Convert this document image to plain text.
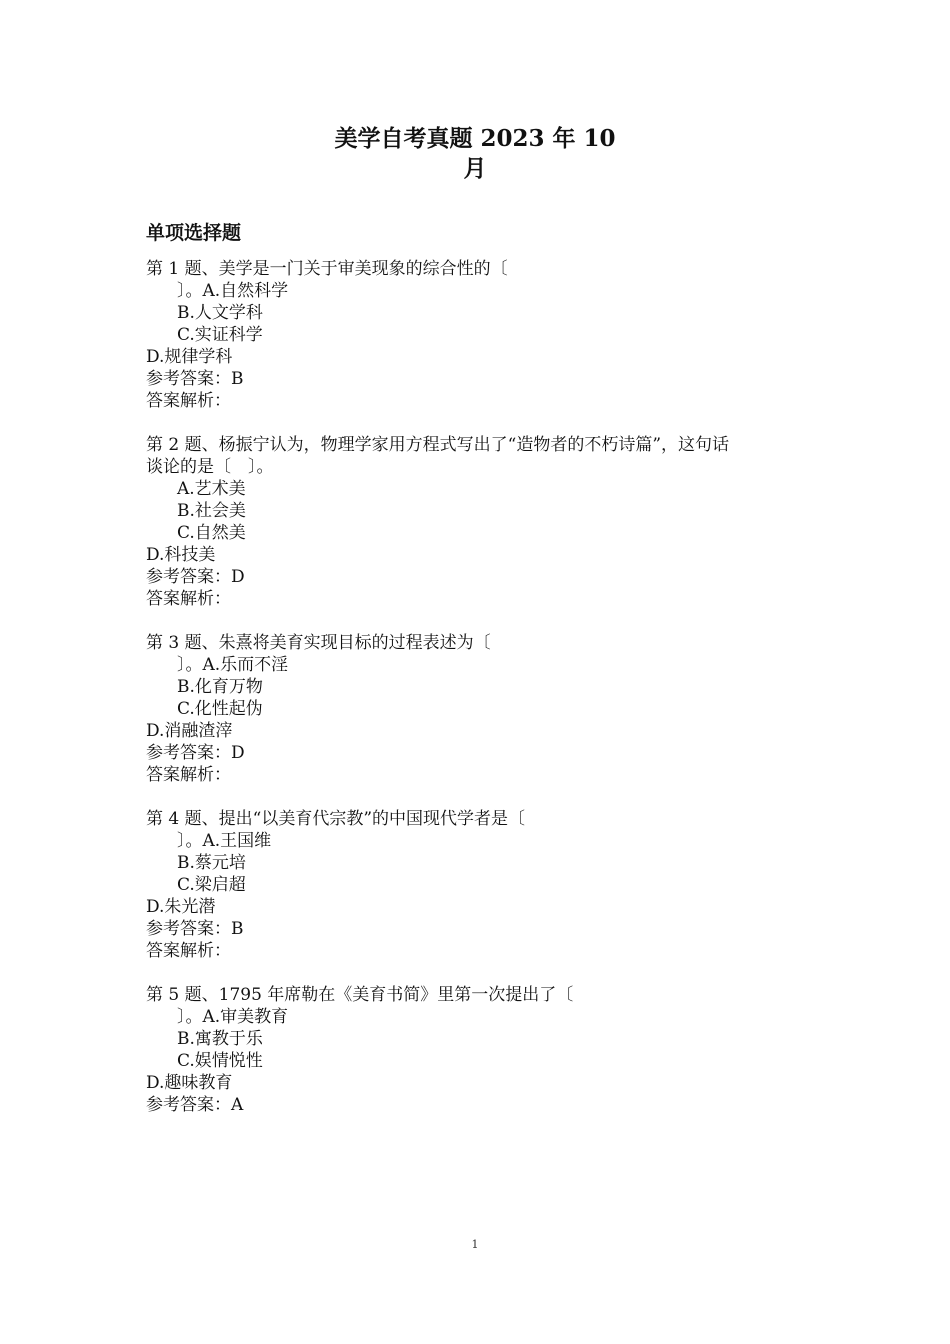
美学自考真题 2023 年 10
月
单项选择题
第 1 题、美学是一门关于审美现象的综合性的〔
〕。A.自然科学
B.人文学科
C.实证科学
D.规律学科
参考答案：B
答案解析：
第 2 题、杨振宁认为，物理学家用方程式写出了“造物者的不朽诗篇”，这句话
谈论的是〔　〕。
A.艺术美
B.社会美
C.自然美
D.科技美
参考答案：D
答案解析：
第 3 题、朱熹将美育实现目标的过程表述为〔
〕。A.乐而不淫
B.化育万物
C.化性起伪
D.消融渣滓
参考答案：D
答案解析：
第 4 题、提出“以美育代宗教”的中国现代学者是〔
〕。A.王国维
B.蔡元培
C.梁启超
D.朱光潜
参考答案：B
答案解析：
第 5 题、1795 年席勒在《美育书简》里第一次提出了〔
〕。A.审美教育
B.寓教于乐
C.娱情悦性
D.趣味教育
参考答案：A
1
